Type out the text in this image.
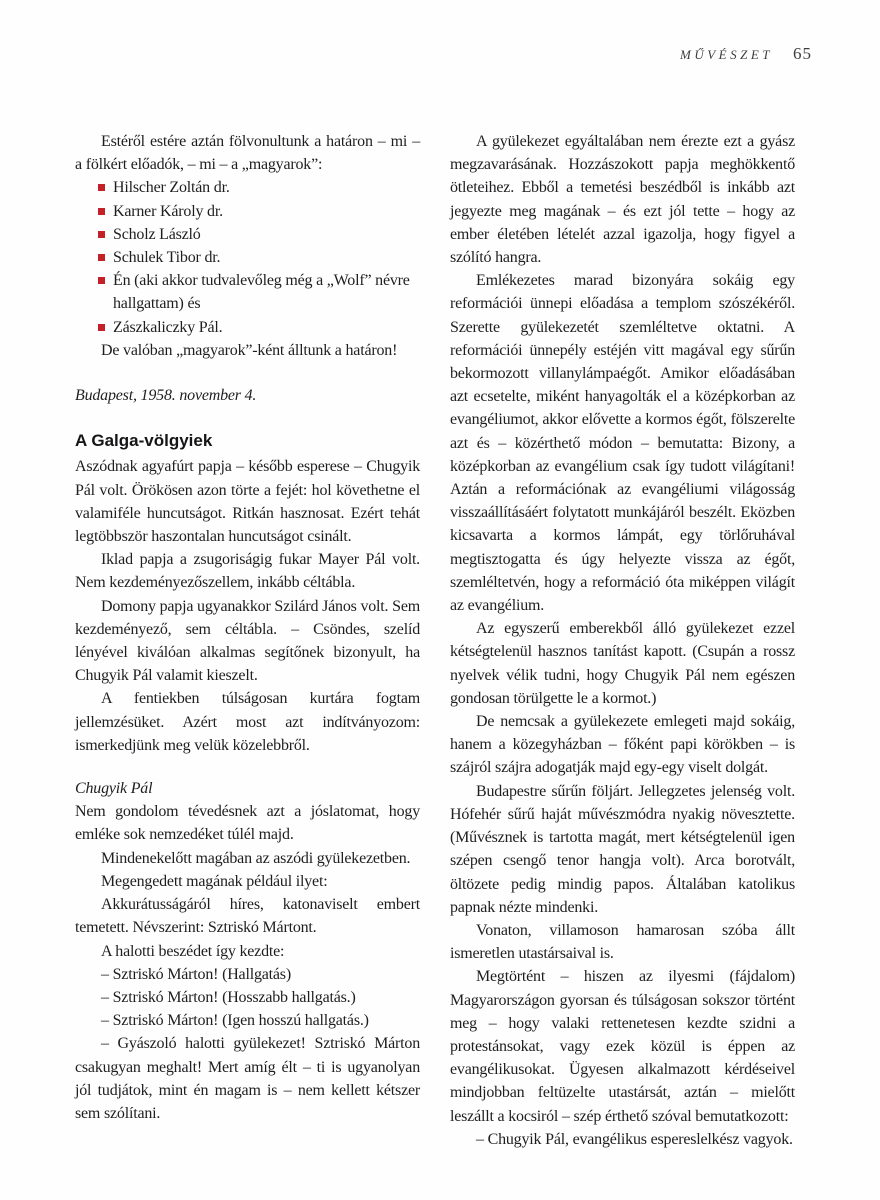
MŰVÉSZET 65

Estéről estére aztán fölvonultunk a határon – mi – a fölkért előadók, – mi – a „magyarok”:

Hilscher Zoltán dr.
Karner Károly dr.
Scholz László
Schulek Tibor dr.
Én (aki akkor tudvalevőleg még a „Wolf” névre hallgattam) és
Zászkaliczky Pál.

De valóban „magyarok”-ként álltunk a határon!

Budapest, 1958. november 4.

A Galga-völgyiek

Aszódnak agyafúrt papja – később esperese – Chugyik Pál volt. Örökösen azon törte a fejét: hol követhetne el valamiféle huncutságot. Ritkán hasznosat. Ezért tehát legtöbbször haszontalan huncutságot csinált.

Iklad papja a zsugoriságig fukar Mayer Pál volt. Nem kezdeményezőszellem, inkább céltábla.

Domony papja ugyanakkor Szilárd János volt. Sem kezdeményező, sem céltábla. – Csöndes, szelíd lényével kiválóan alkalmas segítőnek bizonyult, ha Chugyik Pál valamit kieszelt.

A fentiekben túlságosan kurtára fogtam jellemzésüket. Azért most azt indítványozom: ismerkedjünk meg velük közelebbről.

Chugyik Pál

Nem gondolom tévedésnek azt a jóslatomat, hogy emléke sok nemzedéket túlél majd.

Mindenekelőtt magában az aszódi gyülekezetben.

Megengedett magának például ilyet:

Akkurátusságáról híres, katonaviselt embert temetett. Névszerint: Sztriskó Mártont.

A halotti beszédet így kezdte:

– Sztriskó Márton! (Hallgatás)

– Sztriskó Márton! (Hosszabb hallgatás.)

– Sztriskó Márton! (Igen hosszú hallgatás.)

– Gyászoló halotti gyülekezet! Sztriskó Márton csakugyan meghalt! Mert amíg élt – ti is ugyanolyan jól tudjátok, mint én magam is – nem kellett kétszer sem szólítani.

A gyülekezet egyáltalában nem érezte ezt a gyász megzavarásának. Hozzászokott papja meghökkentő ötleteihez. Ebből a temetési beszédből is inkább azt jegyezte meg magának – és ezt jól tette – hogy az ember életében lételét azzal igazolja, hogy figyel a szólító hangra.

Emlékezetes marad bizonyára sokáig egy reformációi ünnepi előadása a templom szószékéről. Szerette gyülekezetét szemléltetve oktatni. A reformációi ünnepély estéjén vitt magával egy sűrűn bekormozott villanylámpaégőt. Amikor előadásában azt ecsetelte, miként hanyagolták el a középkorban az evangéliumot, akkor elővette a kormos égőt, fölszerelte azt és – közérthető módon – bemutatta: Bizony, a középkorban az evangélium csak így tudott világítani! Aztán a reformációnak az evangéliumi világosság visszaállításáért folytatott munkájáról beszélt. Eközben kicsavarta a kormos lámpát, egy törlőruhával megtisztogatta és úgy helyezte vissza az égőt, szemléltetvén, hogy a reformáció óta miképpen világít az evangélium.

Az egyszerű emberekből álló gyülekezet ezzel kétségtelenül hasznos tanítást kapott. (Csupán a rossz nyelvek vélik tudni, hogy Chugyik Pál nem egészen gondosan törülgette le a kormot.)

De nemcsak a gyülekezete emlegeti majd sokáig, hanem a közegyházban – főként papi körökben – is szájról szájra adogatják majd egy-egy viselt dolgát.

Budapestre sűrűn följárt. Jellegzetes jelenség volt. Hófehér sűrű haját művészmódra nyakig növesztette. (Művésznek is tartotta magát, mert kétségtelenül igen szépen csengő tenor hangja volt). Arca borotvált, öltözete pedig mindig papos. Általában katolikus papnak nézte mindenki.

Vonaton, villamoson hamarosan szóba állt ismeretlen utastársaival is.

Megtörtént – hiszen az ilyesmi (fájdalom) Magyarországon gyorsan és túlságosan sokszor történt meg – hogy valaki rettenetesen kezdte szidni a protestánsokat, vagy ezek közül is éppen az evangélikusokat. Ügyesen alkalmazott kérdéseivel mindjobban feltüzelte utastársát, aztán – mielőtt leszállt a kocsiról – szép érthető szóval bemutatkozott:

– Chugyik Pál, evangélikus espereslelkész vagyok.
